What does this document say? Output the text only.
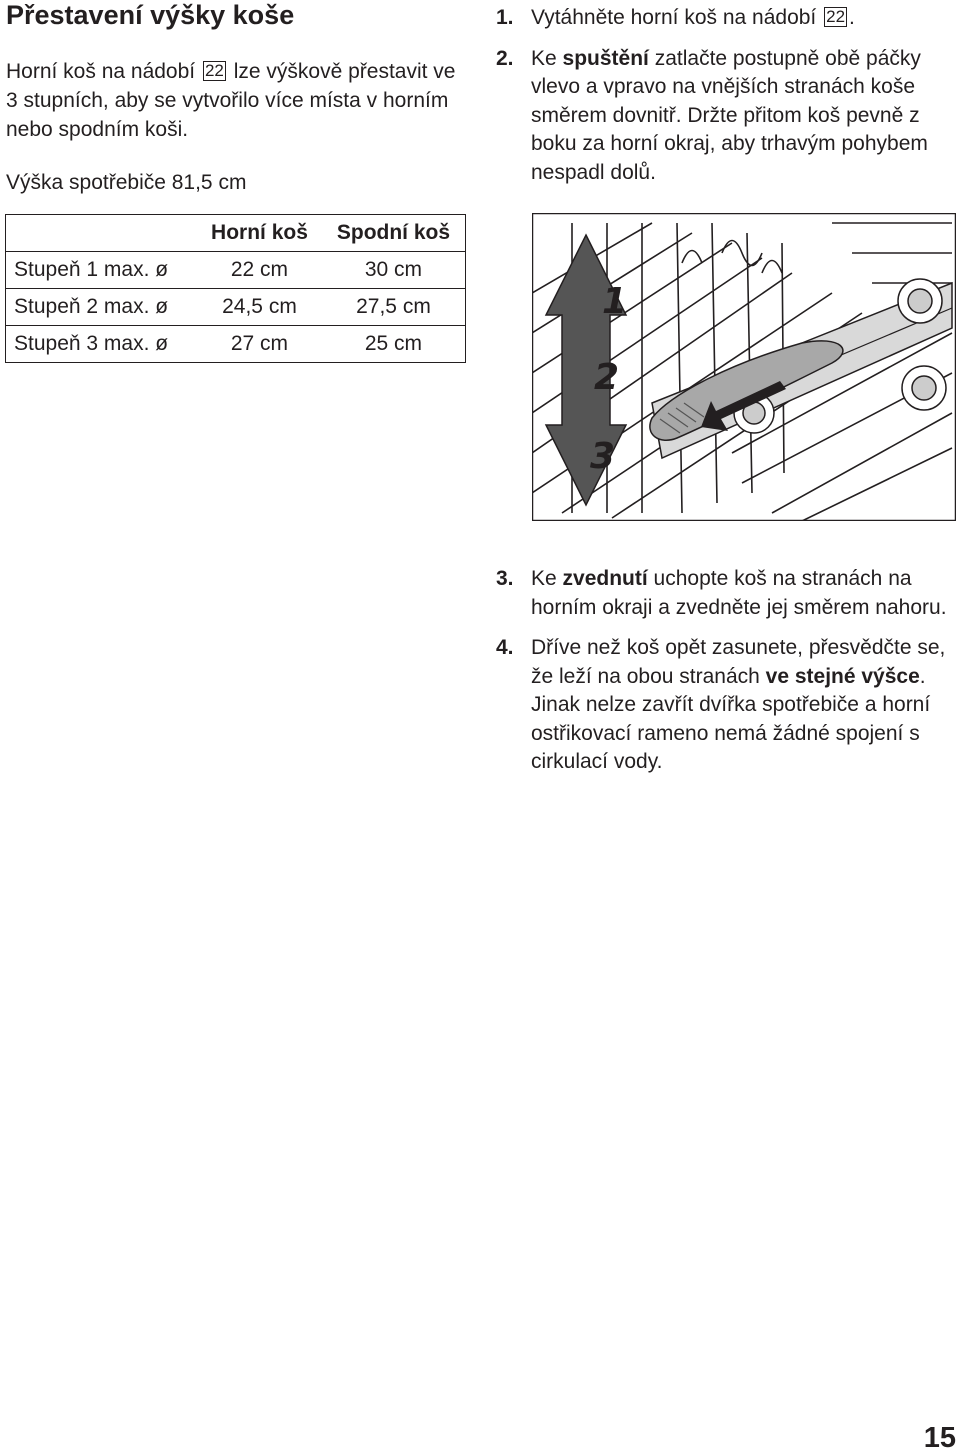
Přestavení výšky koše

Horní koš na nádobí 22 lze výškově přestavit ve 3 stupních, aby se vytvořilo více místa v horním nebo spodním koši.

Výška spotřebiče 81,5 cm

	Horní koš	Spodní koš
Stupeň 1 max. ø	22 cm	30 cm
Stupeň 2 max. ø	24,5 cm	27,5 cm
Stupeň 3 max. ø	27 cm	25 cm
1. Vytáhněte horní koš na nádobí 22 .
2. Ke spuštění zatlačte postupně obě páčky vlevo a vpravo na vnějších stranách koše směrem dovnitř. Držte přitom koš pevně z boku za horní okraj, aby trhavým pohybem nespadl dolů.
1
2
3
3. Ke zvednutí uchopte koš na stranách na horním okraji a zvedněte jej směrem nahoru.
4. Dříve než koš opět zasunete, přesvědčte se, že leží na obou stranách ve stejné výšce. Jinak nelze zavřít dvířka spotřebiče a horní ostřikovací rameno nemá žádné spojení s cirkulací vody.
15
